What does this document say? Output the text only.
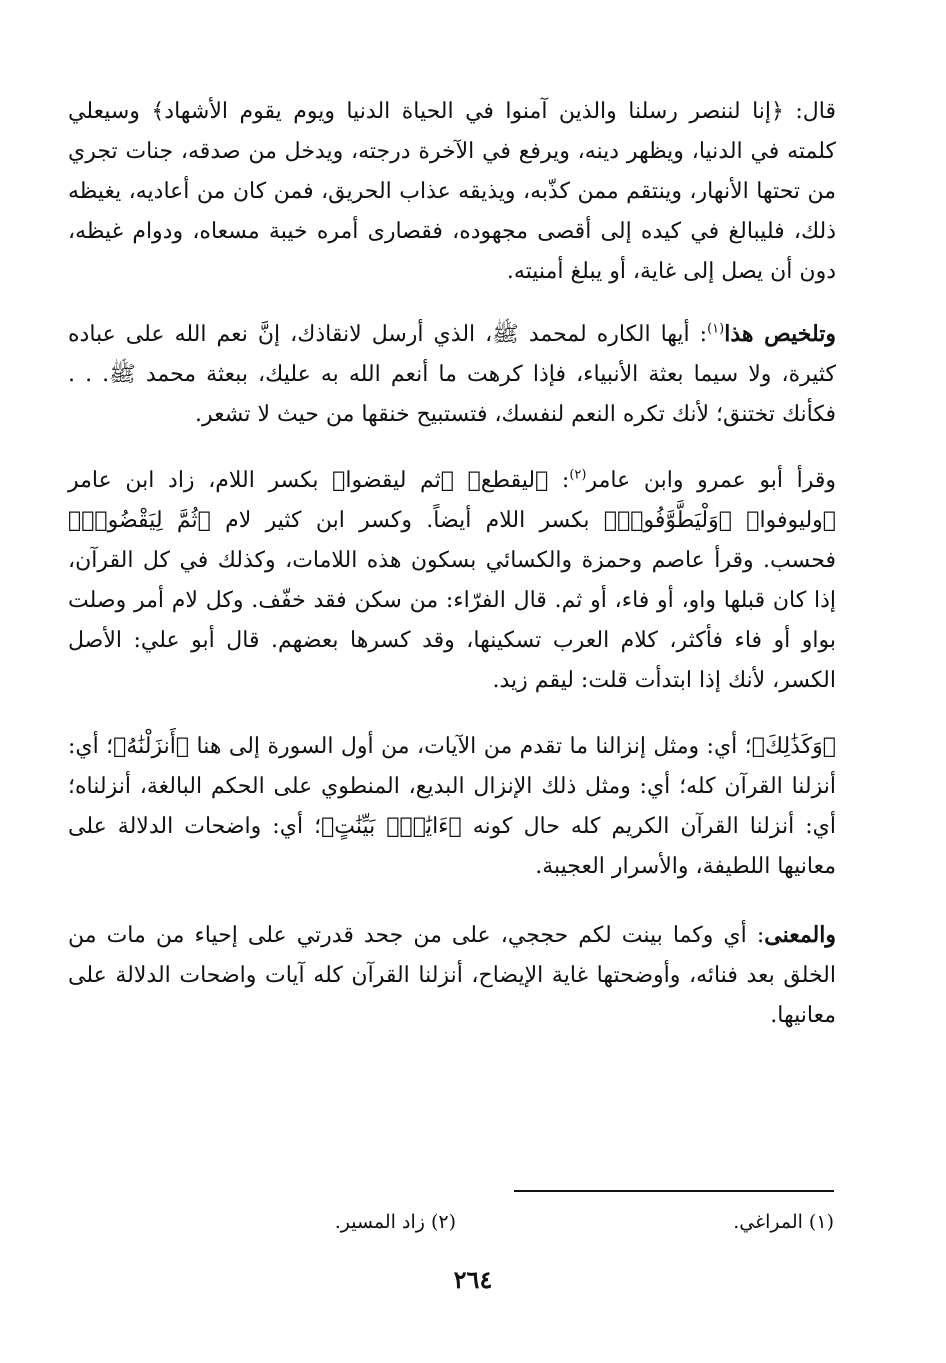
قال: ﴿إنا لننصر رسلنا والذين آمنوا في الحياة الدنيا ويوم يقوم الأشهاد﴾ وسيعلي كلمته في الدنيا، ويظهر دينه، ويرفع في الآخرة درجته، ويدخل من صدقه، جنات تجري من تحتها الأنهار، وينتقم ممن كذّبه، ويذيقه عذاب الحريق، فمن كان من أعاديه، يغيظه ذلك، فليبالغ في كيده إلى أقصى مجهوده، فقصارى أمره خيبة مسعاه، ودوام غيظه، دون أن يصل إلى غاية، أو يبلغ أمنيته.

وتلخيص هذا$^{(١)}$: أيها الكاره لمحمد ﷺ، الذي أرسل لانقاذك، إنَّ نعم الله على عباده كثيرة، ولا سيما بعثة الأنبياء، فإذا كرهت ما أنعم الله به عليك، ببعثة محمد ﷺ. . . فكأنك تختنق؛ لأنك تكره النعم لنفسك، فتستبيح خنقها من حيث لا تشعر.

وقرأ أبو عمرو وابن عامر$^{(٢)}$: ﴿ليقطع﴾ ﴿ثم ليقضوا﴾ بكسر اللام، زاد ابن عامر ﴿وليوفوا﴾ ﴿وَلْيَطَّوَّفُوا۟﴾ بكسر اللام أيضاً. وكسر ابن كثير لام ﴿ثُمَّ لِيَقْضُوا۟﴾ فحسب. وقرأ عاصم وحمزة والكسائي بسكون هذه اللامات، وكذلك في كل القرآن، إذا كان قبلها واو، أو فاء، أو ثم. قال الفرّاء: من سكن فقد خفّف. وكل لام أمر وصلت بواو أو فاء فأكثر، كلام العرب تسكينها، وقد كسرها بعضهم. قال أبو علي: الأصل الكسر، لأنك إذا ابتدأت قلت: ليقم زيد.

﴿وَكَذَٰلِكَ﴾؛ أي: ومثل إنزالنا ما تقدم من الآيات، من أول السورة إلى هنا ﴿أَنزَلْنَٰهُ﴾؛ أي: أنزلنا القرآن كله؛ أي: ومثل ذلك الإنزال البديع، المنطوي على الحكم البالغة، أنزلناه؛ أي: أنزلنا القرآن الكريم كله حال كونه ﴿ءَايَٰتٍۭ بَيِّنَٰتٍ﴾؛ أي: واضحات الدلالة على معانيها اللطيفة، والأسرار العجيبة.

والمعنى: أي وكما بينت لكم حججي، على من جحد قدرتي على إحياء من مات من الخلق بعد فنائه، وأوضحتها غاية الإيضاح، أنزلنا القرآن كله آيات واضحات الدلالة على معانيها.

(١) المراغي.
(٢) زاد المسير.
٢٦٤
